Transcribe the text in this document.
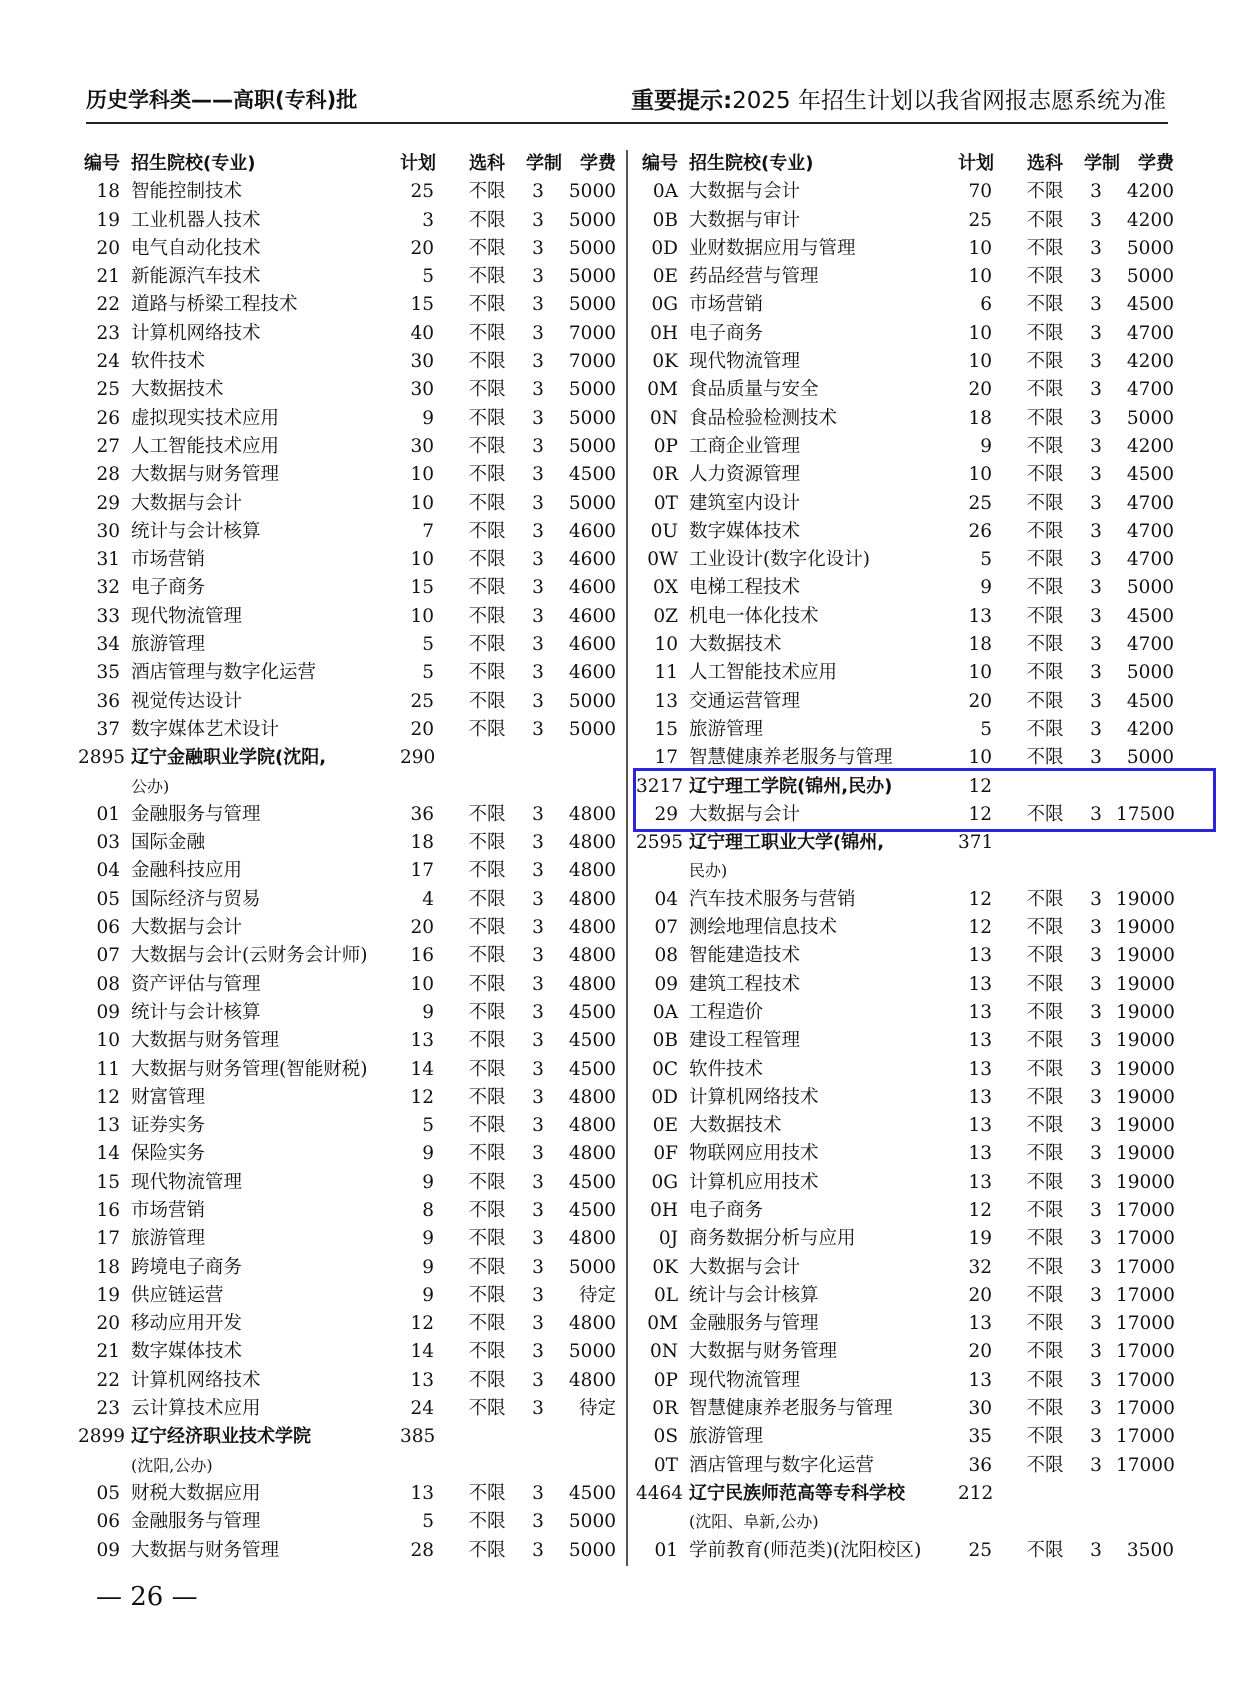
历史学科类——高职(专科)批	重要提示:2025 年招生计划以我省网报志愿系统为准
编号 招生院校(专业)	计划 选科 学制	学费
18 智能控制技术	25 不限	3	5000
19 工业机器人技术	3 不限	3	5000
20 电气自动化技术	20 不限	3	5000
21 新能源汽车技术	5 不限	3	5000
22 道路与桥梁工程技术	15 不限	3	5000
23 计算机网络技术	40 不限	3	7000
24 软件技术	30 不限	3	7000
25 大数据技术	30 不限	3	5000
26 虚拟现实技术应用	9 不限	3	5000
27 人工智能技术应用	30 不限	3	5000
28 大数据与财务管理	10 不限	3	4500
29 大数据与会计	10 不限	3	5000
30 统计与会计核算	7 不限	3	4600
31 市场营销	10 不限	3	4600
32 电子商务	15 不限	3	4600
33 现代物流管理	10 不限	3	4600
34 旅游管理	5 不限	3	4600
35 酒店管理与数字化运营	5 不限	3	4600
36 视觉传达设计	25 不限	3	5000
37 数字媒体艺术设计	20 不限	3	5000
2895 辽宁金融职业学院(沈阳,	290
公办)
01 金融服务与管理	36 不限	3	4800
03 国际金融	18 不限	3	4800
04 金融科技应用	17 不限	3	4800
05 国际经济与贸易	4 不限	3	4800
06 大数据与会计	20 不限	3	4800
07 大数据与会计(云财务会计师)	16 不限	3	4800
08 资产评估与管理	10 不限	3	4800
09 统计与会计核算	9 不限	3	4500
10 大数据与财务管理	13 不限	3	4500
11 大数据与财务管理(智能财税)	14 不限	3	4500
12 财富管理	12 不限	3	4800
13 证券实务	5 不限	3	4800
14 保险实务	9 不限	3	4800
15 现代物流管理	9 不限	3	4500
16 市场营销	8 不限	3	4500
17 旅游管理	9 不限	3	4800
18 跨境电子商务	9 不限	3	5000
19 供应链运营	9 不限	3	待定
20 移动应用开发	12 不限	3	4800
21 数字媒体技术	14 不限	3	5000
22 计算机网络技术	13 不限	3	4800
23 云计算技术应用	24 不限	3	待定
2899 辽宁经济职业技术学院	385
(沈阳,公办)
05 财税大数据应用	13 不限	3	4500
06 金融服务与管理	5 不限	3	5000
09 大数据与财务管理	28 不限	3	5000
编号 招生院校(专业)	计划 选科 学制	学费
0A 大数据与会计	70 不限	3	4200
0B 大数据与审计	25 不限	3	4200
0D 业财数据应用与管理	10 不限	3	5000
0E 药品经营与管理	10 不限	3	5000
0G 市场营销	6 不限	3	4500
0H 电子商务	10 不限	3	4700
0K 现代物流管理	10 不限	3	4200
0M 食品质量与安全	20 不限	3	4700
0N 食品检验检测技术	18 不限	3	5000
0P 工商企业管理	9 不限	3	4200
0R 人力资源管理	10 不限	3	4500
0T 建筑室内设计	25 不限	3	4700
0U 数字媒体技术	26 不限	3	4700
0W 工业设计(数字化设计)	5 不限	3	4700
0X 电梯工程技术	9 不限	3	5000
0Z 机电一体化技术	13 不限	3	4500
10 大数据技术	18 不限	3	4700
11 人工智能技术应用	10 不限	3	5000
13 交通运营管理	20 不限	3	4500
15 旅游管理	5 不限	3	4200
17 智慧健康养老服务与管理	10 不限	3	5000
3217 辽宁理工学院(锦州,民办)	12
29 大数据与会计	12 不限	3 17500
2595 辽宁理工职业大学(锦州,	371
民办)
04 汽车技术服务与营销	12 不限	3 19000
07 测绘地理信息技术	12 不限	3 19000
08 智能建造技术	13 不限	3 19000
09 建筑工程技术	13 不限	3 19000
0A 工程造价	13 不限	3 19000
0B 建设工程管理	13 不限	3 19000
0C 软件技术	13 不限	3 19000
0D 计算机网络技术	13 不限	3 19000
0E 大数据技术	13 不限	3 19000
0F 物联网应用技术	13 不限	3 19000
0G 计算机应用技术	13 不限	3 19000
0H 电子商务	12 不限	3 17000
0J 商务数据分析与应用	19 不限	3 17000
0K 大数据与会计	32 不限	3 17000
0L 统计与会计核算	20 不限	3 17000
0M 金融服务与管理	13 不限	3 17000
0N 大数据与财务管理	20 不限	3 17000
0P 现代物流管理	13 不限	3 17000
0R 智慧健康养老服务与管理	30 不限	3 17000
0S 旅游管理	35 不限	3 17000
0T 酒店管理与数字化运营	36 不限	3 17000
4464 辽宁民族师范高等专科学校	212
(沈阳、阜新,公办)
01 学前教育(师范类)(沈阳校区)	25 不限	3	3500
— 26 —
